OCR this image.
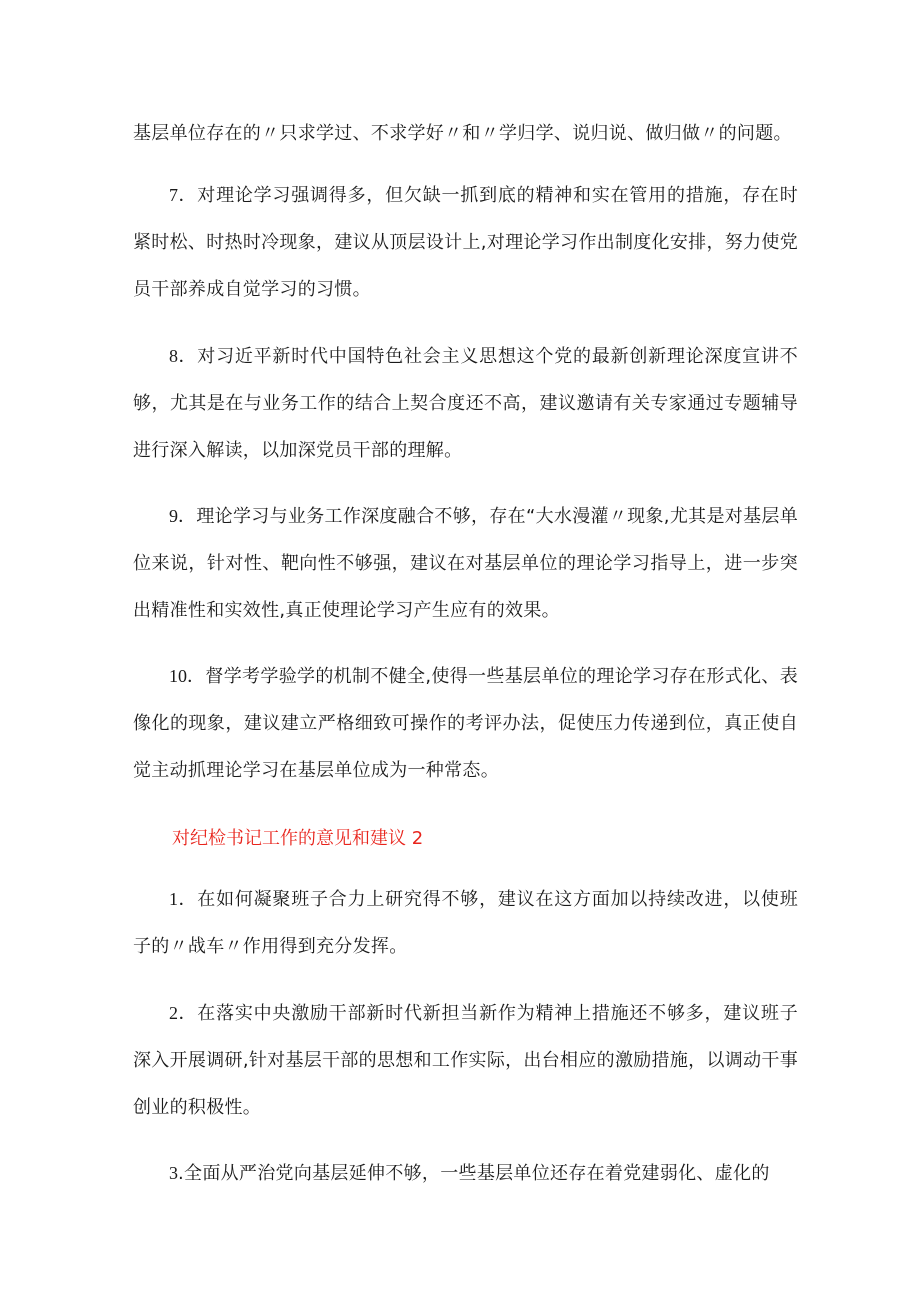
基层单位存在的〃只求学过、不求学好〃和〃学归学、说归说、做归做〃的问题。

7．对理论学习强调得多，但欠缺一抓到底的精神和实在管用的措施，存在时紧时松、时热时冷现象，建议从顶层设计上,对理论学习作出制度化安排，努力使党员干部养成自觉学习的习惯。

8．对习近平新时代中国特色社会主义思想这个党的最新创新理论深度宣讲不够，尤其是在与业务工作的结合上契合度还不高，建议邀请有关专家通过专题辅导进行深入解读，以加深党员干部的理解。

9．理论学习与业务工作深度融合不够，存在“大水漫灌〃现象,尤其是对基层单位来说，针对性、靶向性不够强，建议在对基层单位的理论学习指导上，进一步突出精准性和实效性,真正使理论学习产生应有的效果。

10．督学考学验学的机制不健全,使得一些基层单位的理论学习存在形式化、表像化的现象，建议建立严格细致可操作的考评办法，促使压力传递到位，真正使自觉主动抓理论学习在基层单位成为一种常态。

对纪检书记工作的意见和建议 2

1．在如何凝聚班子合力上研究得不够，建议在这方面加以持续改进，以使班子的〃战车〃作用得到充分发挥。

2．在落实中央激励干部新时代新担当新作为精神上措施还不够多，建议班子深入开展调研,针对基层干部的思想和工作实际，出台相应的激励措施，以调动干事创业的积极性。

3.全面从严治党向基层延伸不够，一些基层单位还存在着党建弱化、虚化的
